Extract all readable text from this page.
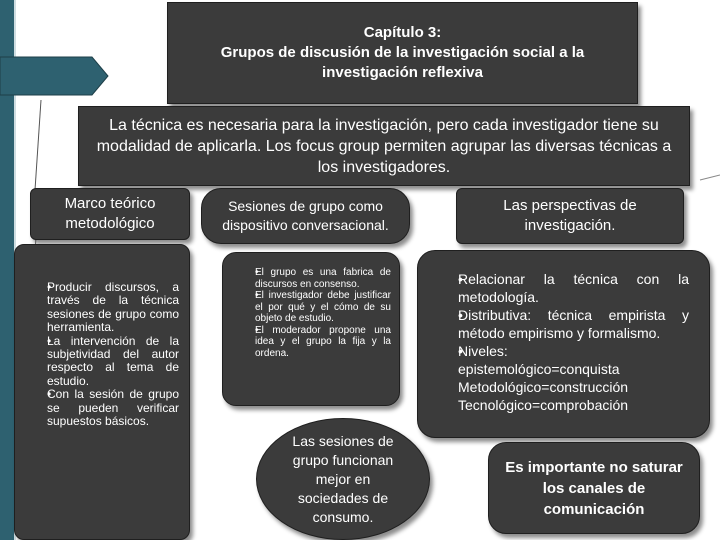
Capítulo 3:
Grupos de discusión de la investigación social a la investigación reflexiva
La técnica es necesaria para la investigación, pero cada investigador tiene su modalidad de aplicarla. Los focus group permiten agrupar las diversas técnicas a los investigadores.
Marco teórico
metodológico
• Producir discursos, a través de la técnica sesiones de grupo como herramienta.
• La intervención de la subjetividad del autor respecto al tema de estudio.
• Con la sesión de grupo se pueden verificar supuestos básicos.
Sesiones de grupo como dispositivo conversacional.
• El grupo es una fabrica de discursos en consenso.
• El investigador debe justificar el por qué y el cómo de su objeto de estudio.
• El moderador propone una idea y el grupo la fija y la ordena.
Las sesiones de grupo funcionan mejor en sociedades de consumo.
Las perspectivas de investigación.
• Relacionar la técnica con la metodología.
• Distributiva: técnica empirista y método empirismo y formalismo.
• Niveles:
epistemológico=conquista
Metodológico=construcción
Tecnológico=comprobación
Es importante no saturar los canales de comunicación
